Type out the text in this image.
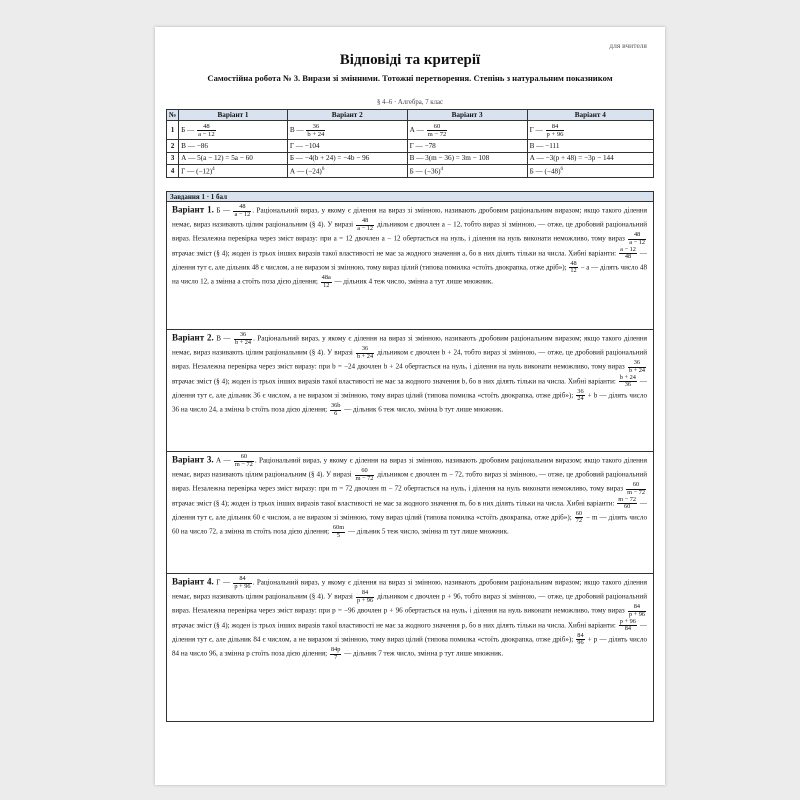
для вчителя
Відповіді та критерії
Самостійна робота № 3. Вирази зі змінними. Тотожні перетворення. Степінь з натуральним показником
§ 4–6 · Алгебра, 7 клас
№	Варіант 1	Варіант 2	Варіант 3	Варіант 4
1	Б — $\frac{48}{a - 12}$	В — $\frac{36}{b + 24}$	А — $\frac{60}{m - 72}$	Г — $\frac{84}{p + 96}$

2	В — −86	Г — −104	Г — −78	В — −111
3	А — 5(a − 12) = 5a − 60	Б — −4(b + 24) = −4b − 96	В — 3(m − 36) = 3m − 108	А — −3(p + 48) = −3p − 144
4	Г — $(-12)^4$	А — $(-24)^6$	Б — $(-36)^4$	Б — $(-48)^6$
Завдання 1 · 1 бал
Варіант 1. Б — $\frac{48}{a - 12}$ . Раціональний вираз, у якому є ділення на вираз зі змінною, називають дробовим раціональним виразом; якщо такого ділення немає, вираз називають цілим раціональним (§ 4). У виразі $\frac{48}{a - 12}$ дільником є двочлен a − 12, тобто вираз зі змінною, — отже, це дробовий раціональний вираз. Незалежна перевірка через зміст виразу: при a = 12 двочлен a − 12 обертається на нуль, і ділення на нуль виконати неможливо, тому вираз $\frac{48}{a - 12}$
втрачає зміст (§ 4); жоден із трьох інших виразів такої властивості не має за жодного значення a, бо в них ділять тільки на числа. Хибні варіанти: $\frac{a - 12}{48}$ — ділення тут є, але дільник 48 є числом, а не виразом зі змінною, тому вираз цілий (типова помилка «стоїть двокрапка, отже дріб»); $\frac{48}{12} - a$ — ділять число 48 на число 12, а змінна a стоїть поза дією ділення; $\frac{48a}{12}$ — дільник 4 теж число, змінна a тут лише множник.
Варіант 2. В — $\frac{36}{b + 24}$ . Раціональний вираз, у якому є ділення на вираз зі змінною, називають дробовим раціональним виразом; якщо такого ділення немає, вираз називають цілим раціональним (§ 4). У виразі $\frac{36}{b + 24}$ дільником є двочлен b + 24, тобто вираз зі змінною, — отже, це дробовий раціональний вираз. Незалежна перевірка через зміст виразу: при b = −24 двочлен b + 24 обертається на нуль, і ділення на нуль виконати неможливо, тому вираз $\frac{36}{b + 24}$
втрачає зміст (§ 4); жоден із трьох інших виразів такої властивості не має за жодного значення b, бо в них ділять тільки на числа. Хибні варіанти: $\frac{b + 24}{36}$ — ділення тут є, але дільник 36 є числом, а не виразом зі змінною, тому вираз цілий (типова помилка «стоїть двокрапка, отже дріб»); $\frac{36}{24} + b$ — ділять число 36 на число 24, а змінна b стоїть поза дією ділення; $\frac{36b}{6}$ — дільник 6 теж число, змінна b тут лише множник.
Варіант 3. А — $\frac{60}{m - 72}$ . Раціональний вираз, у якому є ділення на вираз зі змінною, називають дробовим раціональним виразом; якщо такого ділення немає, вираз називають цілим раціональним (§ 4). У виразі $\frac{60}{m - 72}$ дільником є двочлен m − 72, тобто вираз зі змінною, — отже, це дробовий раціональний вираз. Незалежна перевірка через зміст виразу: при m = 72 двочлен m − 72 обертається на нуль, і ділення на нуль виконати неможливо, тому вираз $\frac{60}{m - 72}$
втрачає зміст (§ 4); жоден із трьох інших виразів такої властивості не має за жодного значення m, бо в них ділять тільки на числа. Хибні варіанти: $\frac{m - 72}{60}$ — ділення тут є, але дільник 60 є числом, а не виразом зі змінною, тому вираз цілий (типова помилка «стоїть двокрапка, отже дріб»); $\frac{60}{72} - m$ — ділять число 60 на число 72, а змінна m стоїть поза дією ділення; $\frac{60m}{5}$ — дільник 5 теж число, змінна m тут лише множник.
Варіант 4. Г — $\frac{84}{p + 96}$ . Раціональний вираз, у якому є ділення на вираз зі змінною, називають дробовим раціональним виразом; якщо такого ділення немає, вираз називають цілим раціональним (§ 4). У виразі $\frac{84}{p + 96}$ дільником є двочлен p + 96, тобто вираз зі змінною, — отже, це дробовий раціональний вираз. Незалежна перевірка через зміст виразу: при p = −96 двочлен p + 96 обертається на нуль, і ділення на нуль виконати неможливо, тому вираз $\frac{84}{p + 96}$
втрачає зміст (§ 4); жоден із трьох інших виразів такої властивості не має за жодного значення p, бо в них ділять тільки на числа. Хибні варіанти: $\frac{p + 96}{84}$ — ділення тут є, але дільник 84 є числом, а не виразом зі змінною, тому вираз цілий (типова помилка «стоїть двокрапка, отже дріб»); $\frac{84}{96} + p$ — ділять число 84 на число 96, а змінна p стоїть поза дією ділення; $\frac{84p}{7}$ — дільник 7 теж число, змінна p тут лише множник.
